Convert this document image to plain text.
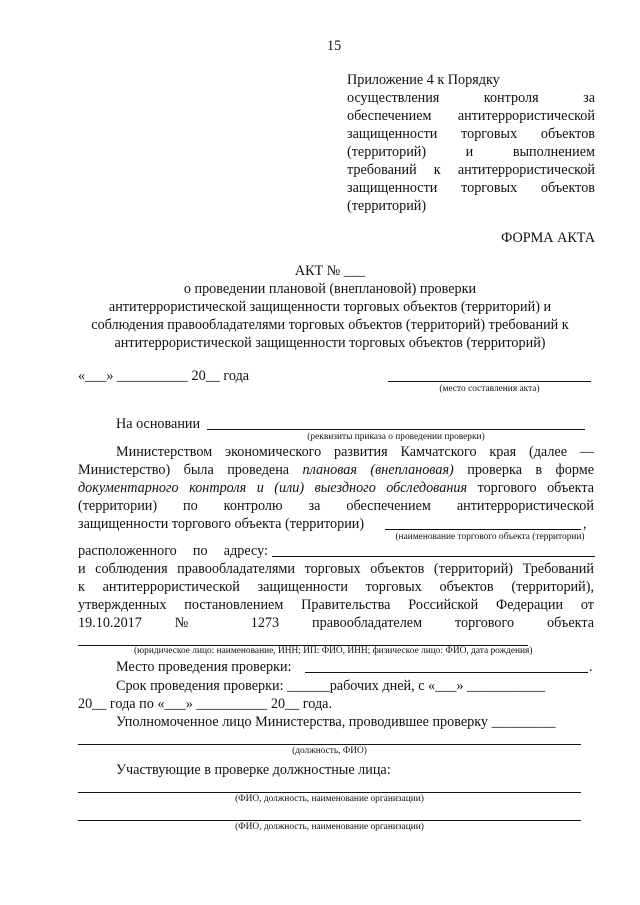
15
Приложение 4 к Порядку
осуществления контроля за
обеспечением антитеррористической
защищенности торговых объектов
(территорий) и выполнением
требований к антитеррористической
защищенности торговых объектов
(территорий)
ФОРМА АКТА
АКТ № ___
о проведении плановой (внеплановой) проверки
антитеррористической защищенности торговых объектов (территорий) и
соблюдения правообладателями торговых объектов (территорий) требований к
антитеррористической защищенности торговых объектов (территорий)
«___» __________ 20__ года
(место составления акта)
На основании
(реквизиты приказа о проведении проверки)
Министерством экономического развития Камчатского края (далее —
Министерство) была проведена плановая (внеплановая) проверка в форме
документарного контроля и (или) выездного обследования торгового объекта
(территории) по контролю за обеспечением антитеррористической
защищенности торгового объекта (территории)	,
(наименование торгового объекта (территории)
расположенного по адресу:
и соблюдения правообладателями торговых объектов (территорий) Требований
к антитеррористической защищенности торговых объектов (территорий),
утвержденных постановлением Правительства Российской Федерации от
19.10.2017 № 1273 правообладателем торгового объекта
(юридическое лицо: наименование, ИНН; ИП: ФИО, ИНН; физическое лицо: ФИО, дата рождения)
Место проведения проверки:	.
Срок проведения проверки: ______рабочих дней, с «___» ___________
20__ года по «___» __________ 20__ года.
Уполномоченное лицо Министерства, проводившее проверку _________
(должность, ФИО)
Участвующие в проверке должностные лица:
(ФИО, должность, наименование организации)
(ФИО, должность, наименование организации)
